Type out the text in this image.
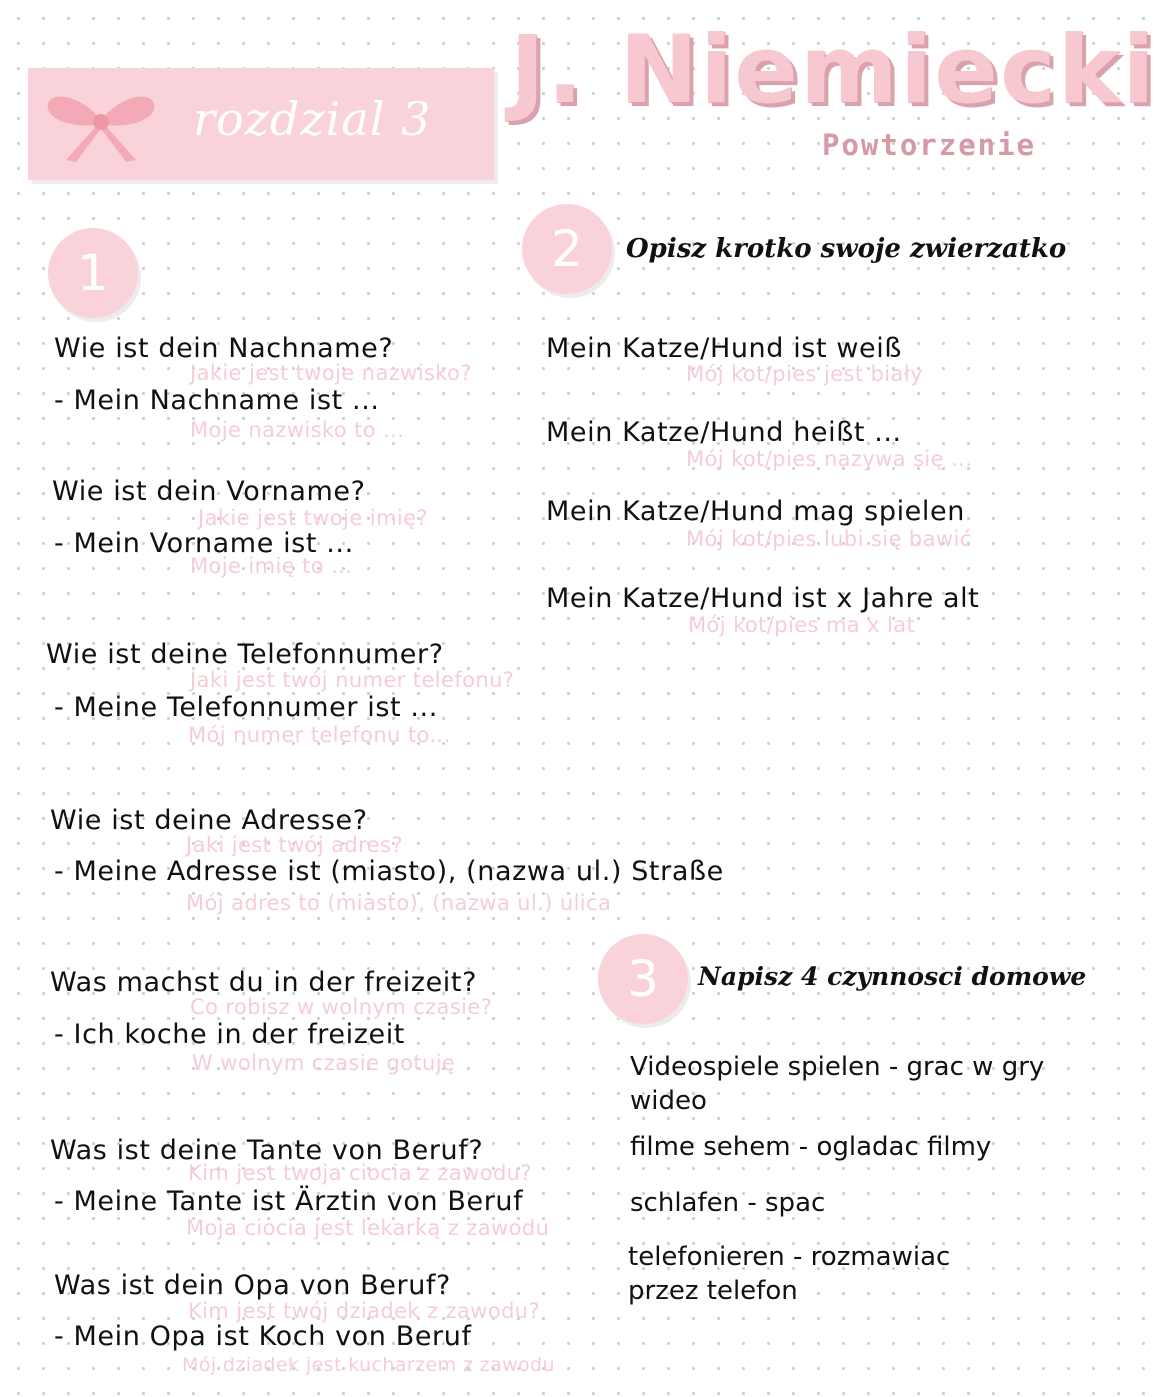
rozdzial 3 J. Niemiecki
Powtorzenie
1
Wie ist dein Nachname?
Jakie jest twoje nazwisko?
- Mein Nachname ist ...
Moje nazwisko to ...
Wie ist dein Vorname?
Jakie jest twoje imię?
- Mein Vorname ist ...
Moje imię to ...
Wie ist deine Telefonnumer?
Jaki jest twój numer telefonu?
- Meine Telefonnumer ist ...
Mój numer telefonu to...
Wie ist deine Adresse?
Jaki jest twój adres?
- Meine Adresse ist (miasto), (nazwa ul.) Straße
Mój adres to (miasto), (nazwa ul.) ulica
Was machst du in der freizeit?
Co robisz w wolnym czasie?
- Ich koche in der freizeit
W wolnym czasie gotuję
Was ist deine Tante von Beruf?
Kim jest twoja ciocia z zawodu?
- Meine Tante ist Ärztin von Beruf
Moja ciocia jest lekarką z zawodu
Was ist dein Opa von Beruf?
Kim jest twój dziadek z zawodu?
- Mein Opa ist Koch von Beruf
Mój dziadek jest kucharzem z zawodu
2	Opisz krotko swoje zwierzatko
Mein Katze/Hund ist weiß
Mój kot/pies jest biały
Mein Katze/Hund heißt ...
Mój kot/pies nazywa się ...
Mein Katze/Hund mag spielen
Mój kot/pies lubi się bawić
Mein Katze/Hund ist x Jahre alt
Mój kot/pies ma x lat
3	Napisz 4 czynnosci domowe
Videospiele spielen - grac w gry
wideo
filme sehem - ogladac filmy
schlafen - spac
telefonieren - rozmawiac
przez telefon
